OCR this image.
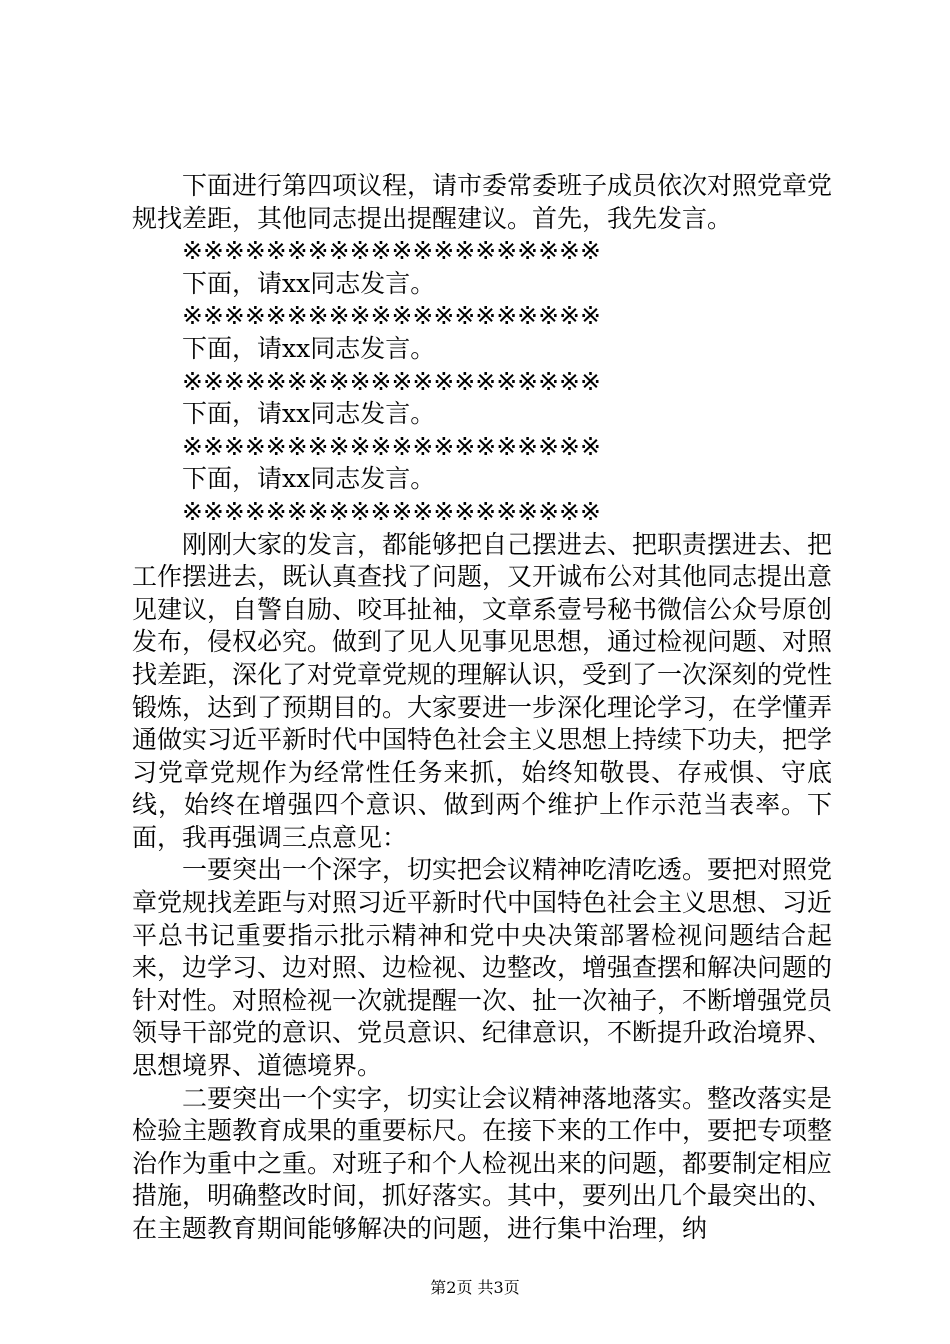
下面进行第四项议程，请市委常委班子成员依次对照党章党规找差距，其他同志提出提醒建议。首先，我先发言。

※※※※※※※※※※※※※※※※※※※※

下面，请xx同志发言。

※※※※※※※※※※※※※※※※※※※※

下面，请xx同志发言。

※※※※※※※※※※※※※※※※※※※※

下面，请xx同志发言。

※※※※※※※※※※※※※※※※※※※※

下面，请xx同志发言。

※※※※※※※※※※※※※※※※※※※※

刚刚大家的发言，都能够把自己摆进去、把职责摆进去、把工作摆进去，既认真查找了问题，又开诚布公对其他同志提出意见建议，自警自励、咬耳扯袖，文章系壹号秘书微信公众号原创发布，侵权必究。做到了见人见事见思想，通过检视问题、对照找差距，深化了对党章党规的理解认识，受到了一次深刻的党性锻炼，达到了预期目的。大家要进一步深化理论学习，在学懂弄通做实习近平新时代中国特色社会主义思想上持续下功夫，把学习党章党规作为经常性任务来抓，始终知敬畏、存戒惧、守底线，始终在增强四个意识、做到两个维护上作示范当表率。下面，我再强调三点意见：

一要突出一个深字，切实把会议精神吃清吃透。要把对照党章党规找差距与对照习近平新时代中国特色社会主义思想、习近平总书记重要指示批示精神和党中央决策部署检视问题结合起来，边学习、边对照、边检视、边整改，增强查摆和解决问题的针对性。对照检视一次就提醒一次、扯一次袖子，不断增强党员领导干部党的意识、党员意识、纪律意识，不断提升政治境界、思想境界、道德境界。

二要突出一个实字，切实让会议精神落地落实。整改落实是检验主题教育成果的重要标尺。在接下来的工作中，要把专项整治作为重中之重。对班子和个人检视出来的问题，都要制定相应措施，明确整改时间，抓好落实。其中，要列出几个最突出的、在主题教育期间能够解决的问题，进行集中治理，纳

第2页 共3页
